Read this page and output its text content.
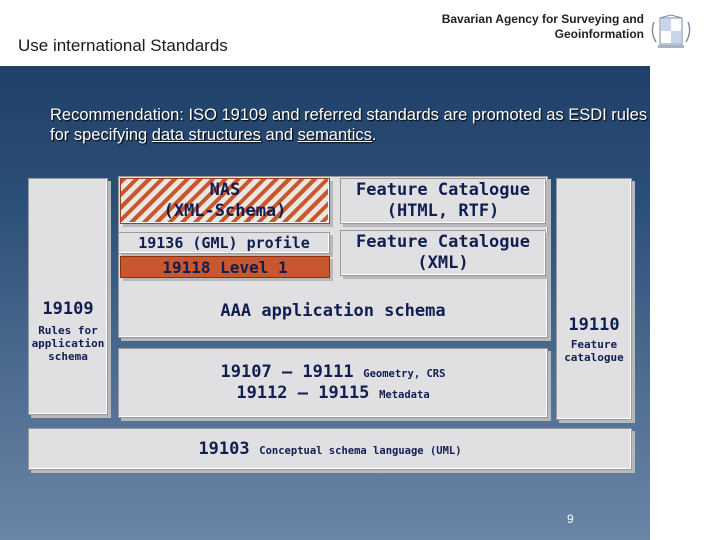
Use international Standards
Bavarian Agency for Surveying and
Geoinformation
Recommendation: ISO 19109 and referred standards are promoted as ESDI rules for specifying data structures and semantics.
19109
Rules for application schema
19110
Feature catalogue
AAA application schema
NAS
(XML-Schema)
19136 (GML) profile
19118 Level 1
Feature Catalogue
(HTML, RTF)
Feature Catalogue
(XML)
19107 – 19111 Geometry, CRS
19112 – 19115 Metadata
19103 Conceptual schema language (UML)
9
